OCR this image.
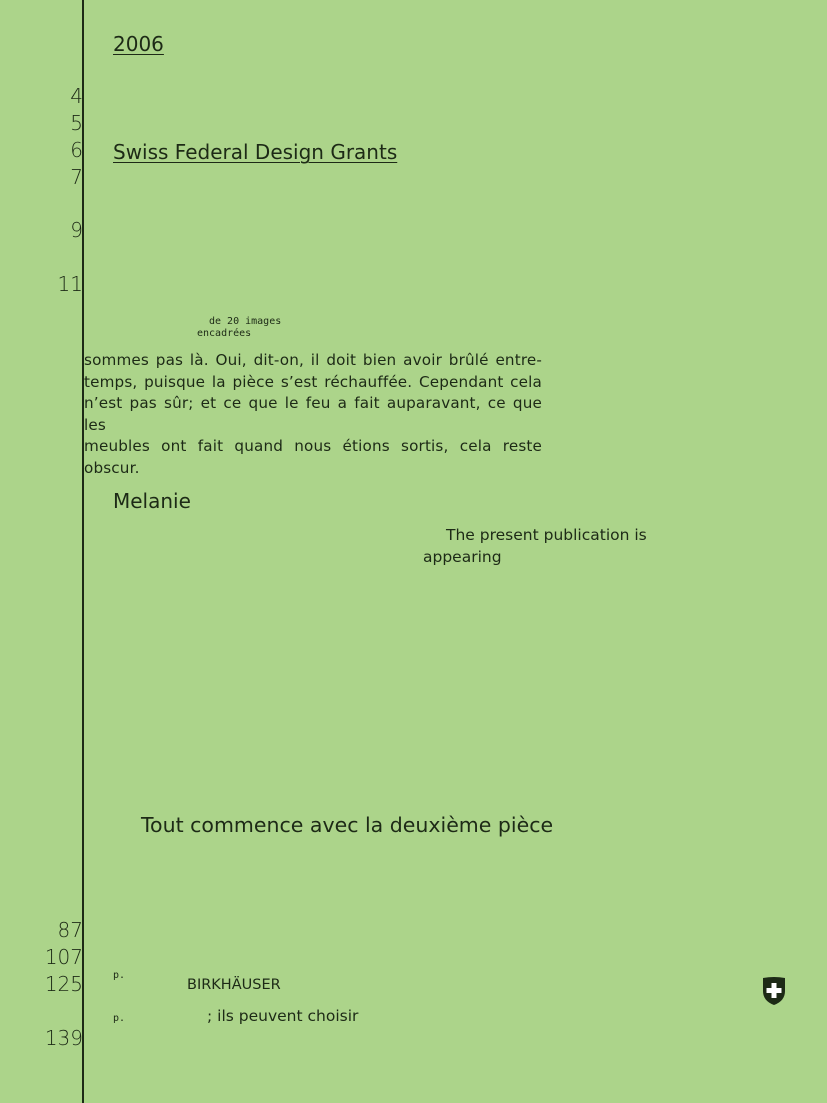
4
5
6
7
9
11
2006
Swiss Federal Design Grants
de 20 images
encadrées
sommes pas là. Oui, dit-on, il doit bien avoir brûlé entre-
temps, puisque la pièce s’est réchauffée. Cependant cela
n’est pas sûr; et ce que le feu a fait auparavant, ce que les
meubles ont fait quand nous étions sortis, cela reste obscur.
Melanie
The present publication is
appearing
Tout commence avec la deuxième pièce
87
107
125
139
p.
BIRKHÄUSER
p.	; ils peuvent choisir
